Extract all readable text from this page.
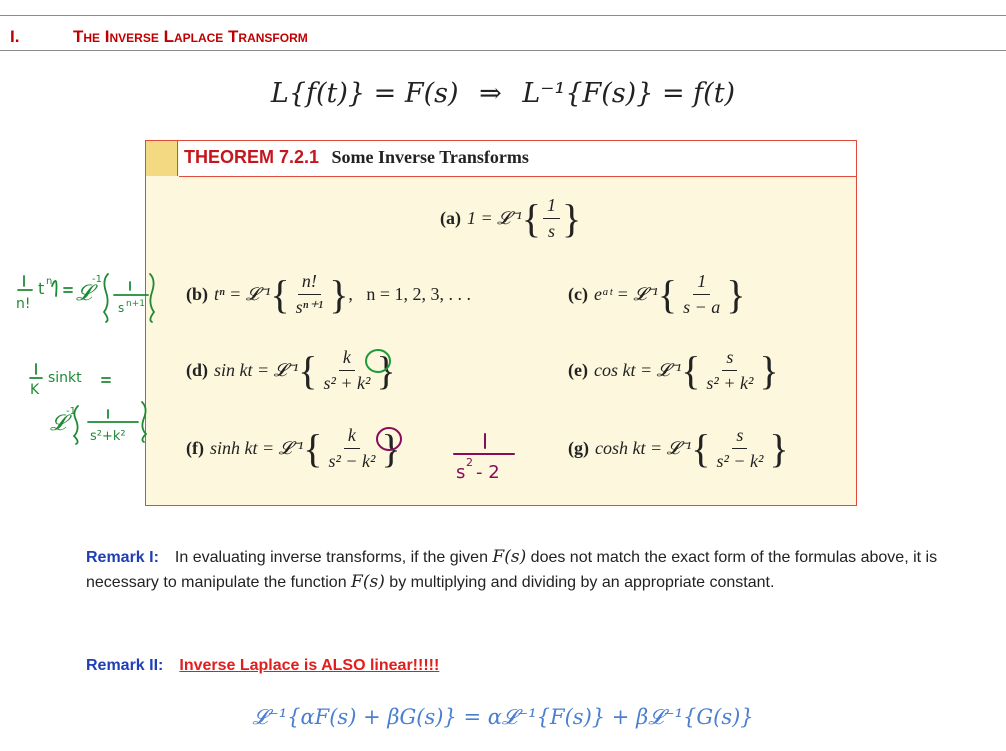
I.	The Inverse Laplace Transform
L{f(t)} = F(s) ⇒ L⁻¹{F(s)} = f(t)
THEOREM 7.2.1 Some Inverse Transforms
(a) 1 = 𝓛⁻¹ { $\frac{1}{s}$ }
(b) tⁿ = 𝓛⁻¹ { $\frac{n!}{\text{sⁿ⁺¹}}$ } ,   n = 1, 2, 3, . . .	(c) eᵃᵗ = 𝓛⁻¹ { $\frac{1}{s - a}$ }
(d) sin kt = 𝓛⁻¹ { $\frac{k}{\text{s² + k²}}$ }	(e) cos kt = 𝓛⁻¹ { $\frac{s}{\text{s² + k²}}$ }
(f) sinh kt = 𝓛⁻¹ { $\frac{k}{\text{s² − k²}}$ }	(g) cosh kt = 𝓛⁻¹ { $\frac{s}{\text{s² − k²}}$ }
s 2 - 2
n!
t n 𝓛
-1
s n+1
K
sinkt
𝓛 -1
s²+k²
Remark I: In evaluating inverse transforms, if the given F(s) does not match the exact form of the formulas above, it is necessary to manipulate the function F(s) by multiplying and dividing by an appropriate constant.
Remark II: Inverse Laplace is ALSO linear!!!!!
𝓛⁻¹{αF(s) + βG(s)} = α𝓛⁻¹{F(s)} + β𝓛⁻¹{G(s)}
